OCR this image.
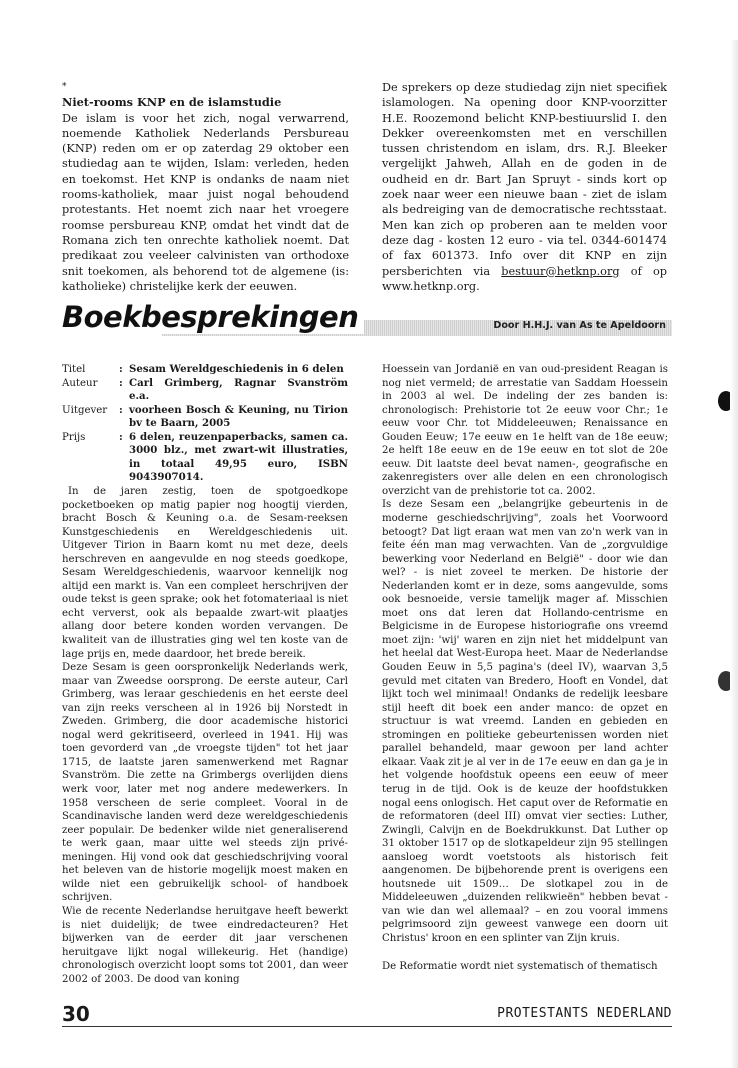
*
Niet-rooms KNP en de islamstudie

De islam is voor het zich, nogal verwarrend, noemende Katholiek Nederlands Persbureau (KNP) reden om er op zaterdag 29 oktober een studiedag aan te wijden, Islam: verleden, heden en toekomst. Het KNP is ondanks de naam niet rooms-katholiek, maar juist nogal behoudend protestants. Het noemt zich naar het vroegere roomse persbureau KNP, omdat het vindt dat de Romana zich ten onrechte katholiek noemt. Dat predikaat zou veeleer calvinisten van orthodoxe snit toekomen, als behorend tot de algemene (is: katholieke) christelijke kerk der eeuwen.

De sprekers op deze studiedag zijn niet specifiek islamologen. Na opening door KNP-voorzitter H.E. Roozemond belicht KNP-bestiuurslid I. den Dekker overeenkomsten met en verschillen tussen christendom en islam, drs. R.J. Bleeker vergelijkt Jahweh, Allah en de goden in de oudheid en dr. Bart Jan Spruyt - sinds kort op zoek naar weer een nieuwe baan - ziet de islam als bedreiging van de democratische rechtsstaat. Men kan zich op proberen aan te melden voor deze dag - kosten 12 euro - via tel. 0344-601474 of fax 601373. Info over dit KNP en zijn persberichten via bestuur@hetknp.org of op www.hetknp.org.

Boekbesprekingen	Door H.H.J. van As te Apeldoorn
Titel	: Sesam Wereldgeschiedenis in 6 delen
Auteur	: Carl Grimberg, Ragnar Svanström e.a.
Uitgever	: voorheen Bosch & Keuning, nu Tirion bv te Baarn, 2005
Prijs	: 6 delen, reuzenpaperbacks, samen ca. 3000 blz., met zwart-wit illustraties, in totaal 49,95 euro, ISBN 9043907014.

In de jaren zestig, toen de spotgoedkope pocketboeken op matig papier nog hoogtij vierden, bracht Bosch & Keuning o.a. de Sesam-reeksen Kunstgeschiedenis en Wereldgeschiedenis uit. Uitgever Tirion in Baarn komt nu met deze, deels herschreven en aangevulde en nog steeds goedkope, Sesam Wereldgeschiedenis, waarvoor kennelijk nog altijd een markt is. Van een compleet herschrijven der oude tekst is geen sprake; ook het fotomateriaal is niet echt ververst, ook als bepaalde zwart-wit plaatjes allang door betere konden worden vervangen. De kwaliteit van de illustraties ging wel ten koste van de lage prijs en, mede daardoor, het brede bereik.

Deze Sesam is geen oorspronkelijk Nederlands werk, maar van Zweedse oorsprong. De eerste auteur, Carl Grimberg, was leraar geschiedenis en het eerste deel van zijn reeks verscheen al in 1926 bij Norstedt in Zweden. Grimberg, die door academische historici nogal werd gekritiseerd, overleed in 1941. Hij was toen gevorderd van „de vroegste tijden" tot het jaar 1715, de laatste jaren samenwerkend met Ragnar Svanström. Die zette na Grimbergs overlijden diens werk voor, later met nog andere medewerkers. In 1958 verscheen de serie compleet. Vooral in de Scandinavische landen werd deze wereldgeschiedenis zeer populair. De bedenker wilde niet generaliserend te werk gaan, maar uitte wel steeds zijn privé-meningen. Hij vond ook dat geschiedschrijving vooral het beleven van de historie mogelijk moest maken en wilde niet een gebruikelijk school- of handboek schrijven.

Wie de recente Nederlandse heruitgave heeft bewerkt is niet duidelijk; de twee eindredacteuren? Het bijwerken van de eerder dit jaar verschenen heruitgave lijkt nogal willekeurig. Het (handige) chronologisch overzicht loopt soms tot 2001, dan weer 2002 of 2003. De dood van koning

Hoessein van Jordanië en van oud-president Reagan is nog niet vermeld; de arrestatie van Saddam Hoessein in 2003 al wel. De indeling der zes banden is: chronologisch: Prehistorie tot 2e eeuw voor Chr.; 1e eeuw voor Chr. tot Middeleeuwen; Renaissance en Gouden Eeuw; 17e eeuw en 1e helft van de 18e eeuw; 2e helft 18e eeuw en de 19e eeuw en tot slot de 20e eeuw. Dit laatste deel bevat namen-, geografische en zakenregisters over alle delen en een chronologisch overzicht van de prehistorie tot ca. 2002.

Is deze Sesam een „belangrijke gebeurtenis in de moderne geschiedschrijving", zoals het Voorwoord betoogt? Dat ligt eraan wat men van zo'n werk van in feite één man mag verwachten. Van de „zorgvuldige bewerking voor Nederland en België" - door wie dan wel? - is niet zoveel te merken. De historie der Nederlanden komt er in deze, soms aangevulde, soms ook besnoeide, versie tamelijk mager af. Misschien moet ons dat leren dat Hollando-centrisme en Belgicisme in de Europese historiografie ons vreemd moet zijn: 'wij' waren en zijn niet het middelpunt van het heelal dat West-Europa heet. Maar de Nederlandse Gouden Eeuw in 5,5 pagina's (deel IV), waarvan 3,5 gevuld met citaten van Bredero, Hooft en Vondel, dat lijkt toch wel minimaal! Ondanks de redelijk leesbare stijl heeft dit boek een ander manco: de opzet en structuur is wat vreemd. Landen en gebieden en stromingen en politieke gebeurtenissen worden niet parallel behandeld, maar gewoon per land achter elkaar. Vaak zit je al ver in de 17e eeuw en dan ga je in het volgende hoofdstuk opeens een eeuw of meer terug in de tijd. Ook is de keuze der hoofdstukken nogal eens onlogisch. Het caput over de Reformatie en de reformatoren (deel III) omvat vier secties: Luther, Zwingli, Calvijn en de Boekdrukkunst. Dat Luther op 31 oktober 1517 op de slotkapeldeur zijn 95 stellingen aansloeg wordt voetstoots als historisch feit aangenomen. De bijbehorende prent is overigens een houtsnede uit 1509… De slotkapel zou in de Middeleeuwen „duizenden relikwieën" hebben bevat - van wie dan wel allemaal? – en zou vooral immens pelgrimsoord zijn geweest vanwege een doorn uit Christus' kroon en een splinter van Zijn kruis.

De Reformatie wordt niet systematisch of thematisch

30	PROTESTANTS NEDERLAND
